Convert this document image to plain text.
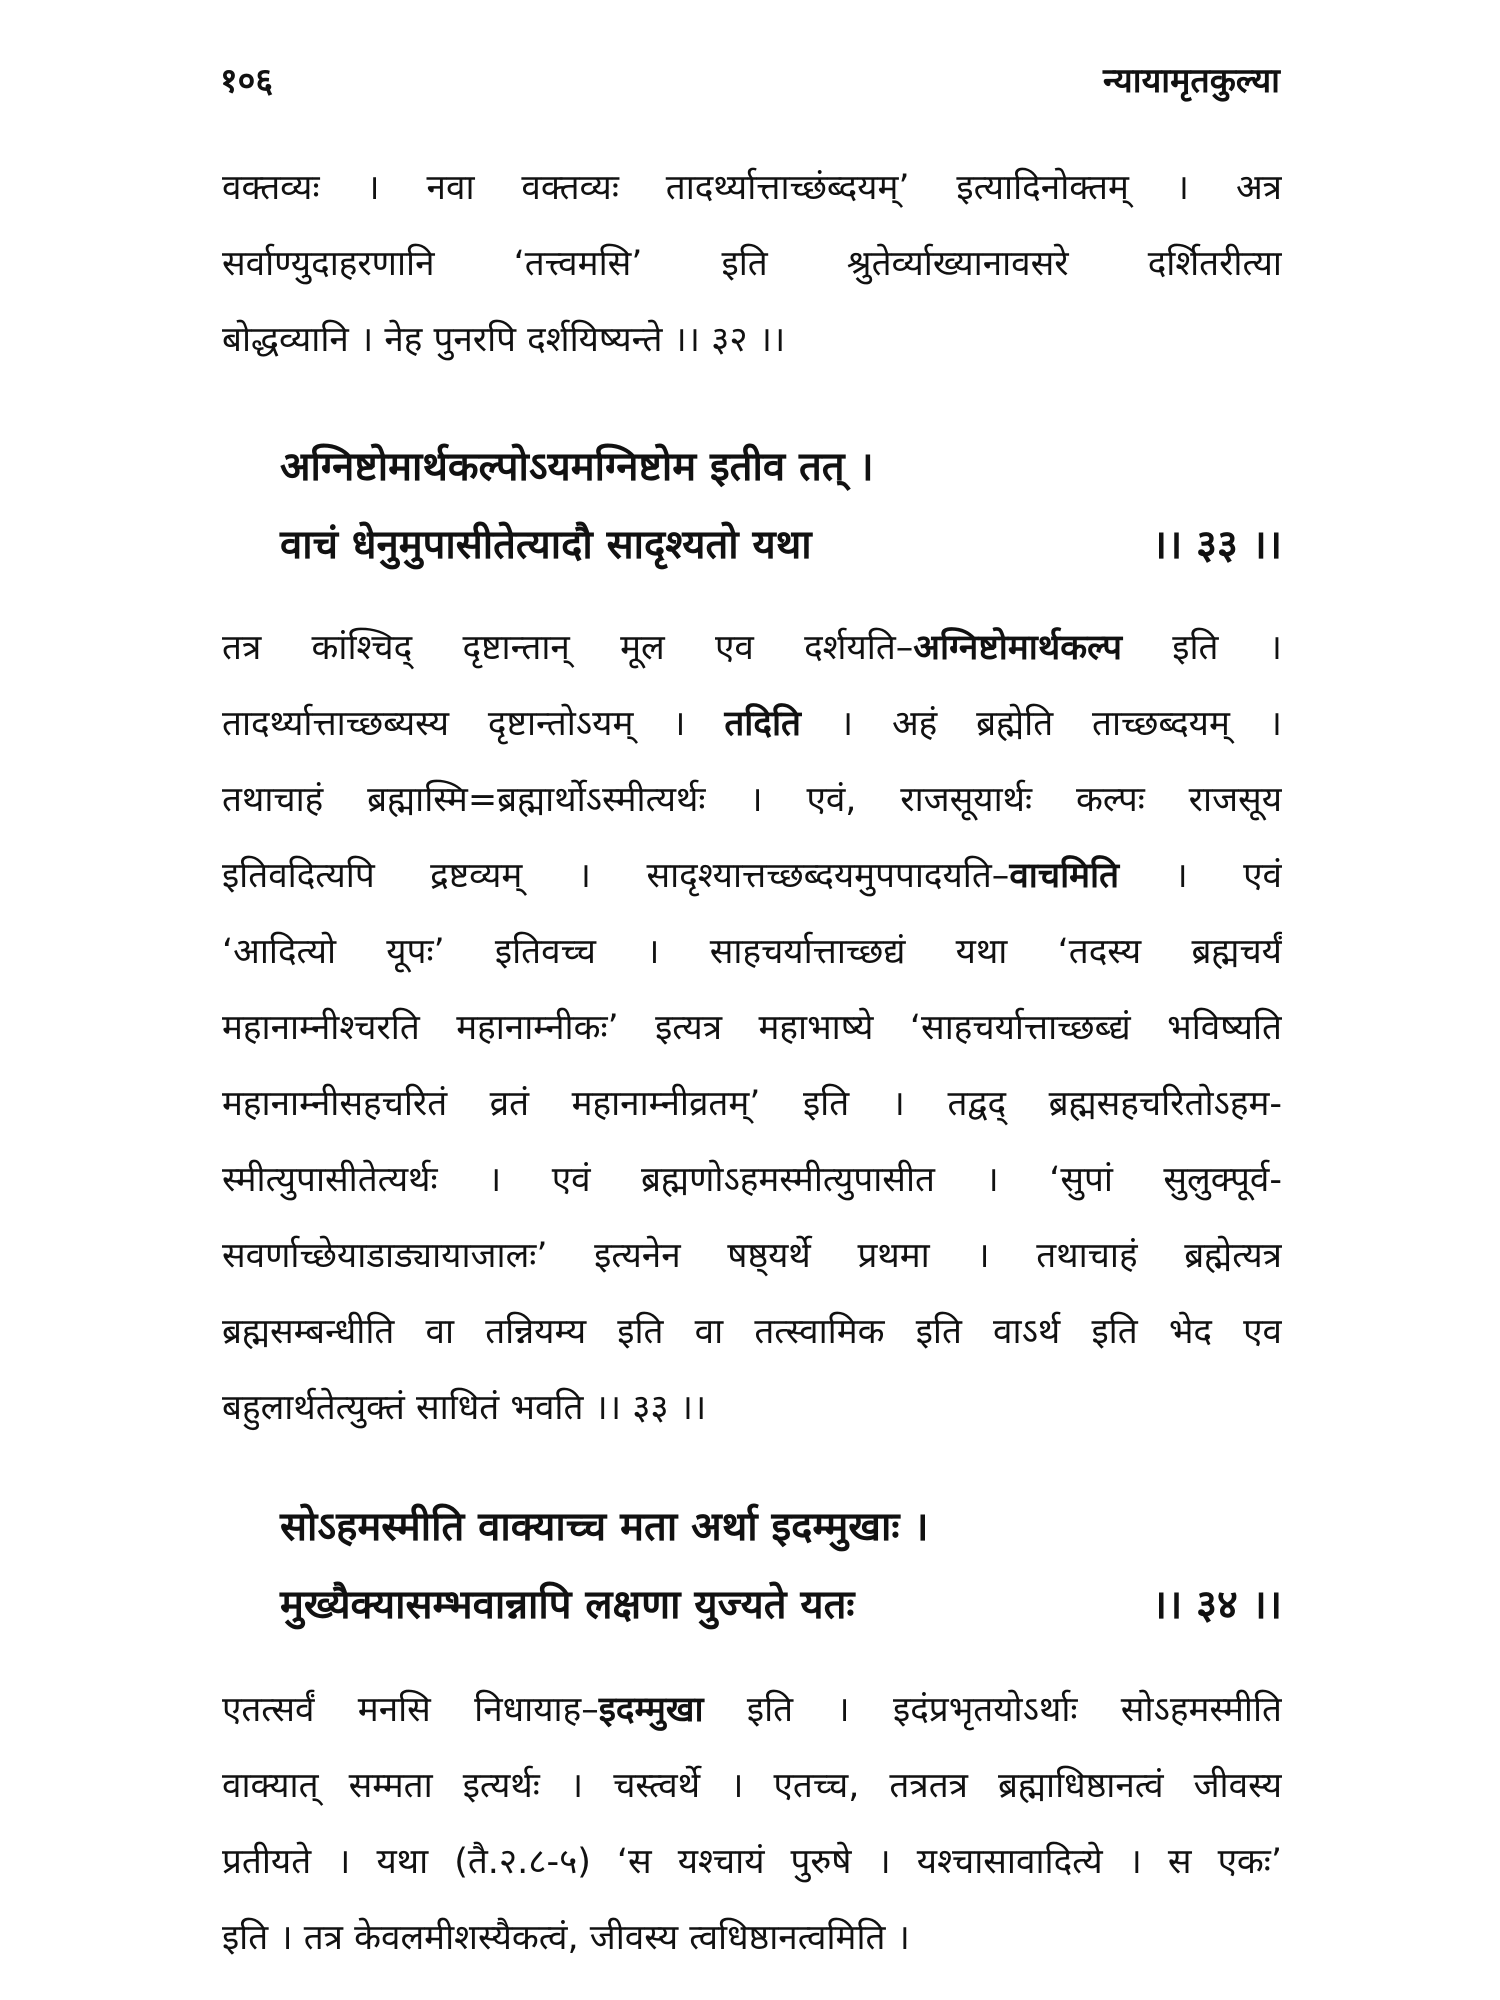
१०६	न्यायामृतकुल्या
वक्तव्यः । नवा वक्तव्यः तादर्थ्यात्ताच्छंब्दयम्’ इत्यादिनोक्तम् । अत्र
सर्वाण्युदाहरणानि ‘तत्त्वमसि’ इति श्रुतेर्व्याख्यानावसरे दर्शितरीत्या
बोद्धव्यानि । नेह पुनरपि दर्शयिष्यन्ते ।। ३२ ।।
अग्निष्टोमार्थकल्पोऽयमग्निष्टोम इतीव तत् ।
वाचं धेनुमुपासीतेत्यादौ सादृश्यतो यथा	।। ३३ ।।
तत्र कांश्चिद् दृष्टान्तान् मूल एव दर्शयति–अग्निष्टोमार्थकल्प इति ।
तादर्थ्यात्ताच्छब्यस्य दृष्टान्तोऽयम् । तदिति । अहं ब्रह्मेति ताच्छब्दयम् ।
तथाचाहं ब्रह्मास्मि=ब्रह्मार्थोऽस्मीत्यर्थः । एवं, राजसूयार्थः कल्पः राजसूय
इतिवदित्यपि द्रष्टव्यम् । सादृश्यात्तच्छब्दयमुपपादयति–वाचमिति । एवं
‘आदित्यो यूपः’ इतिवच्च । साहचर्यात्ताच्छद्यं यथा ‘तदस्य ब्रह्मचर्यं
महानाम्नीश्चरति महानाम्नीकः’ इत्यत्र महाभाष्ये ‘साहचर्यात्ताच्छब्द्यं भविष्यति
महानाम्नीसहचरितं व्रतं महानाम्नीव्रतम्’ इति । तद्वद् ब्रह्मसहचरितोऽहम-
स्मीत्युपासीतेत्यर्थः । एवं ब्रह्मणोऽहमस्मीत्युपासीत । ‘सुपां सुलुक्पूर्व-
सवर्णाच्छेयाडाड्यायाजालः’ इत्यनेन षष्ठ्यर्थे प्रथमा । तथाचाहं ब्रह्मेत्यत्र
ब्रह्मसम्बन्धीति वा तन्नियम्य इति वा तत्स्वामिक इति वाऽर्थ इति भेद एव
बहुलार्थतेत्युक्तं साधितं भवति ।। ३३ ।।
सोऽहमस्मीति वाक्याच्च मता अर्था इदम्मुखाः ।
मुख्यैक्यासम्भवान्नापि लक्षणा युज्यते यतः	।। ३४ ।।
एतत्सर्वं मनसि निधायाह–इदम्मुखा इति । इदंप्रभृतयोऽर्थाः सोऽहमस्मीति
वाक्यात् सम्मता इत्यर्थः । चस्त्वर्थे । एतच्च, तत्रतत्र ब्रह्माधिष्ठानत्वं जीवस्य
प्रतीयते । यथा (तै.२.८-५) ‘स यश्चायं पुरुषे । यश्चासावादित्ये । स एकः’
इति । तत्र केवलमीशस्यैकत्वं, जीवस्य त्वधिष्ठानत्वमिति ।
